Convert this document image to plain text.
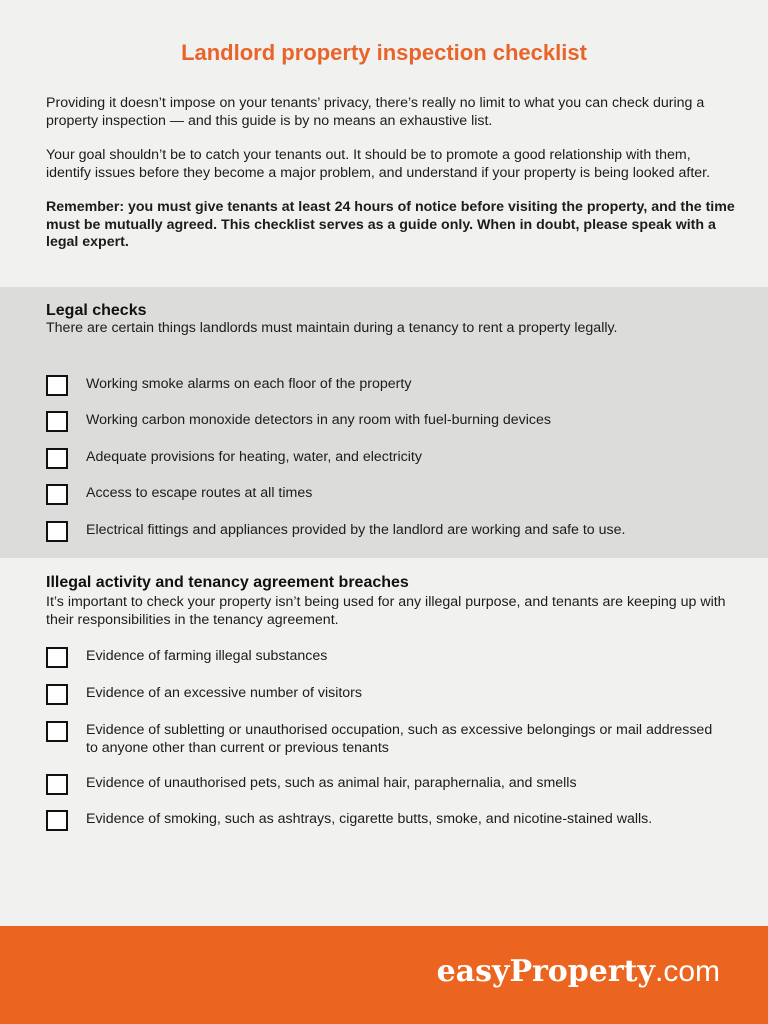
Landlord property inspection checklist

Providing it doesn’t impose on your tenants’ privacy, there’s really no limit to what you can check during a property inspection — and this guide is by no means an exhaustive list.

Your goal shouldn’t be to catch your tenants out. It should be to promote a good relationship with them, identify issues before they become a major problem, and understand if your property is being looked after.

Remember: you must give tenants at least 24 hours of notice before visiting the property, and the time must be mutually agreed. This checklist serves as a guide only. When in doubt, please speak with a legal expert.

Legal checks

There are certain things landlords must maintain during a tenancy to rent a property legally.

Working smoke alarms on each floor of the property
Working carbon monoxide detectors in any room with fuel-burning devices
Adequate provisions for heating, water, and electricity
Access to escape routes at all times
Electrical fittings and appliances provided by the landlord are working and safe to use.
Illegal activity and tenancy agreement breaches

It’s important to check your property isn’t being used for any illegal purpose, and tenants are keeping up with their responsibilities in the tenancy agreement.

Evidence of farming illegal substances
Evidence of an excessive number of visitors
Evidence of subletting or unauthorised occupation, such as excessive belongings or mail addressed to anyone other than current or previous tenants
Evidence of unauthorised pets, such as animal hair, paraphernalia, and smells
Evidence of smoking, such as ashtrays, cigarette butts, smoke, and nicotine-stained walls.
easyProperty.com
